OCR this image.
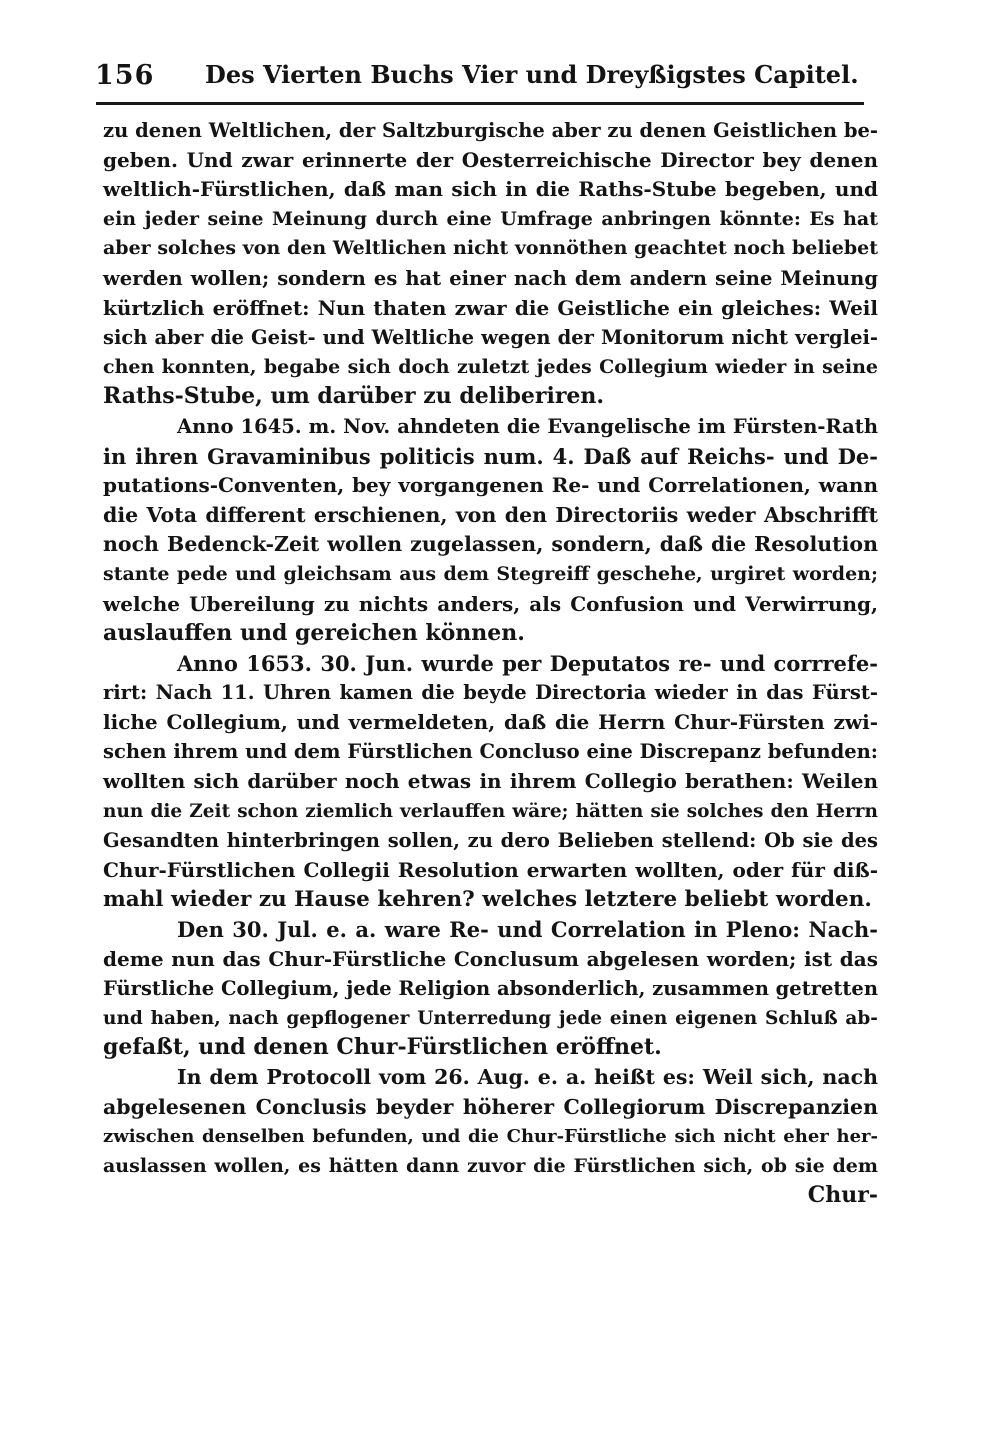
156 Des Vierten Buchs Vier und Dreyßigstes Capitel.
zu denen Weltlichen, der Saltzburgische aber zu denen Geistlichen be-
geben. Und zwar erinnerte der Oesterreichische Director bey denen
weltlich-Fürstlichen, daß man sich in die Raths-Stube begeben, und
ein jeder seine Meinung durch eine Umfrage anbringen könnte: Es hat
aber solches von den Weltlichen nicht vonnöthen geachtet noch beliebet
werden wollen; sondern es hat einer nach dem andern seine Meinung
kürtzlich eröffnet: Nun thaten zwar die Geistliche ein gleiches: Weil
sich aber die Geist- und Weltliche wegen der Monitorum nicht verglei-
chen konnten, begabe sich doch zuletzt jedes Collegium wieder in seine
Raths-Stube, um darüber zu deliberiren.
Anno 1645. m. Nov. ahndeten die Evangelische im Fürsten-Rath
in ihren Gravaminibus politicis num. 4. Daß auf Reichs- und De-
putations-Conventen, bey vorgangenen Re- und Correlationen, wann
die Vota different erschienen, von den Directoriis weder Abschrifft
noch Bedenck-Zeit wollen zugelassen, sondern, daß die Resolution
stante pede und gleichsam aus dem Stegreiff geschehe, urgiret worden;
welche Ubereilung zu nichts anders, als Confusion und Verwirrung,
auslauffen und gereichen können.
Anno 1653. 30. Jun. wurde per Deputatos re- und corrrefe-
rirt: Nach 11. Uhren kamen die beyde Directoria wieder in das Fürst-
liche Collegium, und vermeldeten, daß die Herrn Chur-Fürsten zwi-
schen ihrem und dem Fürstlichen Concluso eine Discrepanz befunden:
wollten sich darüber noch etwas in ihrem Collegio berathen: Weilen
nun die Zeit schon ziemlich verlauffen wäre; hätten sie solches den Herrn
Gesandten hinterbringen sollen, zu dero Belieben stellend: Ob sie des
Chur-Fürstlichen Collegii Resolution erwarten wollten, oder für diß-
mahl wieder zu Hause kehren? welches letztere beliebt worden.
Den 30. Jul. e. a. ware Re- und Correlation in Pleno: Nach-
deme nun das Chur-Fürstliche Conclusum abgelesen worden; ist das
Fürstliche Collegium, jede Religion absonderlich, zusammen getretten
und haben, nach gepflogener Unterredung jede einen eigenen Schluß ab-
gefaßt, und denen Chur-Fürstlichen eröffnet.
In dem Protocoll vom 26. Aug. e. a. heißt es: Weil sich, nach
abgelesenen Conclusis beyder höherer Collegiorum Discrepanzien
zwischen denselben befunden, und die Chur-Fürstliche sich nicht eher her-
auslassen wollen, es hätten dann zuvor die Fürstlichen sich, ob sie dem
Chur-
